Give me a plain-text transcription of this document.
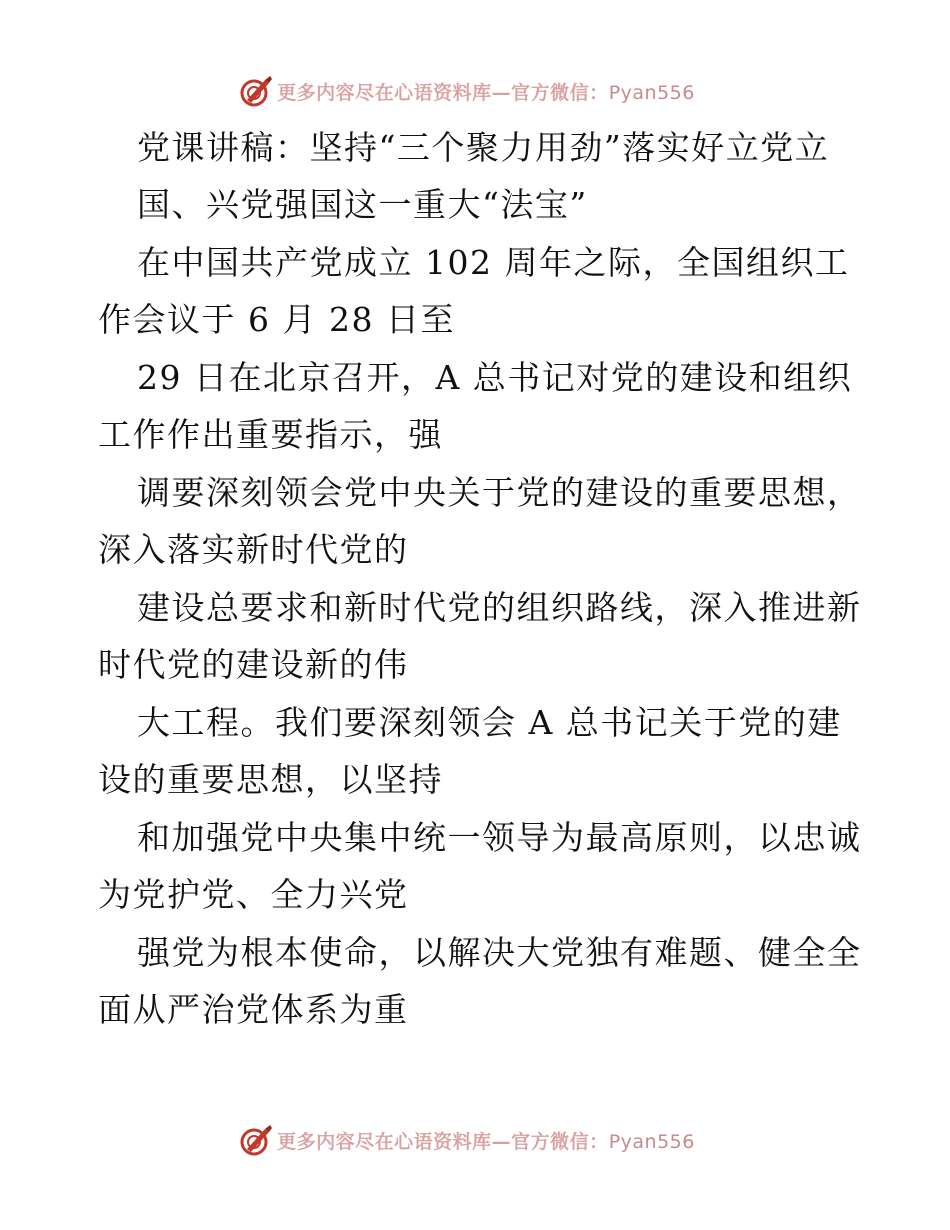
更多内容尽在心语资料库—官方微信：Pyan556
党课讲稿：坚持“三个聚力用劲”落实好立党立
国、兴党强国这一重大“法宝”
在中国共产党成立 102 周年之际，全国组织工
作会议于 6 月 28 日至
29 日在北京召开，A 总书记对党的建设和组织
工作作出重要指示，强
调要深刻领会党中央关于党的建设的重要思想，
深入落实新时代党的
建设总要求和新时代党的组织路线，深入推进新
时代党的建设新的伟
大工程。我们要深刻领会 A 总书记关于党的建
设的重要思想，以坚持
和加强党中央集中统一领导为最高原则，以忠诚
为党护党、全力兴党
强党为根本使命，以解决大党独有难题、健全全
面从严治党体系为重
更多内容尽在心语资料库—官方微信：Pyan556
